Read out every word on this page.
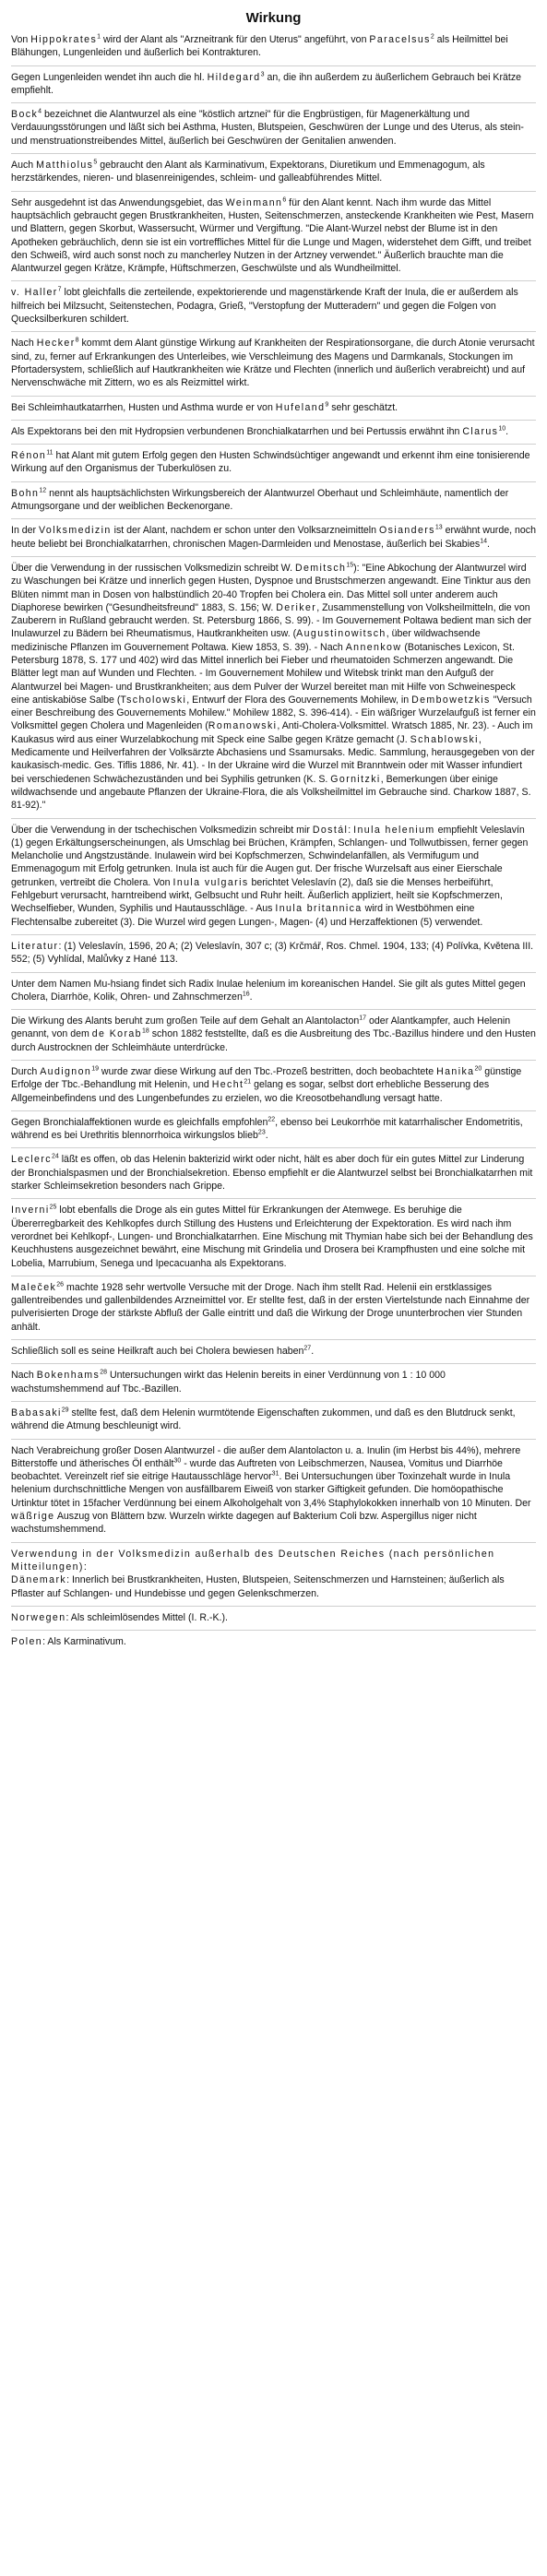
Wirkung

Von Hippokrates$^1$ wird der Alant als "Arzneitrank für den Uterus" angeführt, von Paracelsus$^2$ als Heilmittel bei Blähungen, Lungenleiden und äußerlich bei Kontrakturen.

Gegen Lungenleiden wendet ihn auch die hl. Hildegard$^3$ an, die ihn außerdem zu äußerlichem Gebrauch bei Krätze empfiehlt.

Bock$^4$ bezeichnet die Alantwurzel als eine "köstlich artznei" für die Engbrüstigen, für Magenerkältung und Verdauungsstörungen und läßt sich bei Asthma, Husten, Blutspeien, Geschwüren der Lunge und des Uterus, als stein- und menstruationstreibendes Mittel, äußerlich bei Geschwüren der Genitalien anwenden.

Auch Matthiolus$^5$ gebraucht den Alant als Karminativum, Expektorans, Diuretikum und Emmenagogum, als herzstärkendes, nieren- und blasenreinigendes, schleim- und galleabführendes Mittel.

Sehr ausgedehnt ist das Anwendungsgebiet, das Weinmann$^6$ für den Alant kennt. Nach ihm wurde das Mittel hauptsächlich gebraucht gegen Brustkrankheiten, Husten, Seitenschmerzen, ansteckende Krankheiten wie Pest, Masern und Blattern, gegen Skorbut, Wassersucht, Würmer und Vergiftung. "Die Alant-Wurzel nebst der Blume ist in den Apotheken gebräuchlich, denn sie ist ein vortreffliches Mittel für die Lunge und Magen, widerstehet dem Gifft, und treibet den Schweiß, wird auch sonst noch zu mancherley Nutzen in der Artzney verwendet." Äußerlich brauchte man die Alantwurzel gegen Krätze, Krämpfe, Hüftschmerzen, Geschwülste und als Wundheilmittel.

v. Haller$^7$ lobt gleichfalls die zerteilende, expektorierende und magenstärkende Kraft der Inula, die er außerdem als hilfreich bei Milzsucht, Seitenstechen, Podagra, Grieß, "Verstopfung der Mutteradern" und gegen die Folgen von Quecksilberkuren schildert.

Nach Hecker$^8$ kommt dem Alant günstige Wirkung auf Krankheiten der Respirationsorgane, die durch Atonie verursacht sind, zu, ferner auf Erkrankungen des Unterleibes, wie Verschleimung des Magens und Darmkanals, Stockungen im Pfortadersystem, schließlich auf Hautkrankheiten wie Krätze und Flechten (innerlich und äußerlich verabreicht) und auf Nervenschwäche mit Zittern, wo es als Reizmittel wirkt.

Bei Schleimhautkatarrhen, Husten und Asthma wurde er von Hufeland$^9$ sehr geschätzt.

Als Expektorans bei den mit Hydropsien verbundenen Bronchialkatarrhen und bei Pertussis erwähnt ihn Clarus$^{10}$.

Rénon$^{11}$ hat Alant mit gutem Erfolg gegen den Husten Schwindsüchtiger angewandt und erkennt ihm eine tonisierende Wirkung auf den Organismus der Tuberkulösen zu.

Bohn$^{12}$ nennt als hauptsächlichsten Wirkungsbereich der Alantwurzel Oberhaut und Schleimhäute, namentlich der Atmungsorgane und der weiblichen Beckenorgane.

In der Volksmedizin ist der Alant, nachdem er schon unter den Volksarzneimitteln Osianders$^{13}$ erwähnt wurde, noch heute beliebt bei Bronchialkatarrhen, chronischen Magen-Darmleiden und Menostase, äußerlich bei Skabies$^{14}$.

Über die Verwendung in der russischen Volksmedizin schreibt W. Demitsch$^{15}$): "Eine Abkochung der Alantwurzel wird zu Waschungen bei Krätze und innerlich gegen Husten, Dyspnoe und Brustschmerzen angewandt. Eine Tinktur aus den Blüten nimmt man in Dosen von halbstündlich 20-40 Tropfen bei Cholera ein. Das Mittel soll unter anderem auch Diaphorese bewirken ("Gesundheitsfreund" 1883, S. 156; W. Deriker, Zusammenstellung von Volksheilmitteln, die von Zauberern in Rußland gebraucht werden. St. Petersburg 1866, S. 99). - Im Gouvernement Poltawa bedient man sich der Inulawurzel zu Bädern bei Rheumatismus, Hautkrankheiten usw. (Augustinowitsch, über wildwachsende medizinische Pflanzen im Gouvernement Poltawa. Kiew 1853, S. 39). - Nach Annenkow (Botanisches Lexicon, St. Petersburg 1878, S. 177 und 402) wird das Mittel innerlich bei Fieber und rheumatoiden Schmerzen angewandt. Die Blätter legt man auf Wunden und Flechten. - Im Gouvernement Mohilew und Witebsk trinkt man den Aufguß der Alantwurzel bei Magen- und Brustkrankheiten; aus dem Pulver der Wurzel bereitet man mit Hilfe von Schweinespeck eine antiskabiöse Salbe (Tscholowski, Entwurf der Flora des Gouvernements Mohilew, in Dembowetzkis "Versuch einer Beschreibung des Gouvernements Mohilew." Mohilew 1882, S. 396-414). - Ein wäßriger Wurzelaufguß ist ferner ein Volksmittel gegen Cholera und Magenleiden (Romanowski, Anti-Cholera-Volksmittel. Wratsch 1885, Nr. 23). - Auch im Kaukasus wird aus einer Wurzelabkochung mit Speck eine Salbe gegen Krätze gemacht (J. Schablowski, Medicamente und Heilverfahren der Volksärzte Abchasiens und Ssamursaks. Medic. Sammlung, herausgegeben von der kaukasisch-medic. Ges. Tiflis 1886, Nr. 41). - In der Ukraine wird die Wurzel mit Branntwein oder mit Wasser infundiert bei verschiedenen Schwächezuständen und bei Syphilis getrunken (K. S. Gornitzki, Bemerkungen über einige wildwachsende und angebaute Pflanzen der Ukraine-Flora, die als Volksheilmittel im Gebrauche sind. Charkow 1887, S. 81-92)."

Über die Verwendung in der tschechischen Volksmedizin schreibt mir Dostál: Inula helenium empfiehlt Veleslavín (1) gegen Erkältungserscheinungen, als Umschlag bei Brüchen, Krämpfen, Schlangen- und Tollwutbissen, ferner gegen Melancholie und Angstzustände. Inulawein wird bei Kopfschmerzen, Schwindelanfällen, als Vermifugum und Emmenagogum mit Erfolg getrunken. Inula ist auch für die Augen gut. Der frische Wurzelsaft aus einer Eierschale getrunken, vertreibt die Cholera. Von Inula vulgaris berichtet Veleslavín (2), daß sie die Menses herbeiführt, Fehlgeburt verursacht, harntreibend wirkt, Gelbsucht und Ruhr heilt. Äußerlich appliziert, heilt sie Kopfschmerzen, Wechselfieber, Wunden, Syphilis und Hautausschläge. - Aus Inula britannica wird in Westböhmen eine Flechtensalbe zubereitet (3). Die Wurzel wird gegen Lungen-, Magen- (4) und Herzaffektionen (5) verwendet.

Literatur: (1) Veleslavín, 1596, 20 A; (2) Veleslavín, 307 c; (3) Krčmář, Ros. Chmel. 1904, 133; (4) Polívka, Květena III. 552; (5) Vyhlídal, Malůvky z Hané 113.

Unter dem Namen Mu-hsiang findet sich Radix Inulae helenium im koreanischen Handel. Sie gilt als gutes Mittel gegen Cholera, Diarrhöe, Kolik, Ohren- und Zahnschmerzen$^{16}$.

Die Wirkung des Alants beruht zum großen Teile auf dem Gehalt an Alantolacton$^{17}$ oder Alantkampfer, auch Helenin genannt, von dem de Korab$^{18}$ schon 1882 feststellte, daß es die Ausbreitung des Tbc.-Bazillus hindere und den Husten durch Austrocknen der Schleimhäute unterdrücke.

Durch Audignon$^{19}$ wurde zwar diese Wirkung auf den Tbc.-Prozeß bestritten, doch beobachtete Hanika$^{20}$ günstige Erfolge der Tbc.-Behandlung mit Helenin, und Hecht$^{21}$ gelang es sogar, selbst dort erhebliche Besserung des Allgemeinbefindens und des Lungenbefundes zu erzielen, wo die Kreosotbehandlung versagt hatte.

Gegen Bronchialaffektionen wurde es gleichfalls empfohlen$^{22}$, ebenso bei Leukorrhöe mit katarrhalischer Endometritis, während es bei Urethritis blennorrhoica wirkungslos blieb$^{23}$.

Leclerc$^{24}$ läßt es offen, ob das Helenin bakterizid wirkt oder nicht, hält es aber doch für ein gutes Mittel zur Linderung der Bronchialspasmen und der Bronchialsekretion. Ebenso empfiehlt er die Alantwurzel selbst bei Bronchialkatarrhen mit starker Schleimsekretion besonders nach Grippe.

Inverni$^{25}$ lobt ebenfalls die Droge als ein gutes Mittel für Erkrankungen der Atemwege. Es beruhige die Übererregbarkeit des Kehlkopfes durch Stillung des Hustens und Erleichterung der Expektoration. Es wird nach ihm verordnet bei Kehlkopf-, Lungen- und Bronchialkatarrhen. Eine Mischung mit Thymian habe sich bei der Behandlung des Keuchhustens ausgezeichnet bewährt, eine Mischung mit Grindelia und Drosera bei Krampfhusten und eine solche mit Lobelia, Marrubium, Senega und Ipecacuanha als Expektorans.

Maleček$^{26}$ machte 1928 sehr wertvolle Versuche mit der Droge. Nach ihm stellt Rad. Helenii ein erstklassiges gallentreibendes und gallenbildendes Arzneimittel vor. Er stellte fest, daß in der ersten Viertelstunde nach Einnahme der pulverisierten Droge der stärkste Abfluß der Galle eintritt und daß die Wirkung der Droge ununterbrochen vier Stunden anhält.

Schließlich soll es seine Heilkraft auch bei Cholera bewiesen haben$^{27}$.

Nach Bokenhams$^{28}$ Untersuchungen wirkt das Helenin bereits in einer Verdünnung von 1 : 10 000 wachstumshemmend auf Tbc.-Bazillen.

Babasaki$^{29}$ stellte fest, daß dem Helenin wurmtötende Eigenschaften zukommen, und daß es den Blutdruck senkt, während die Atmung beschleunigt wird.

Nach Verabreichung großer Dosen Alantwurzel - die außer dem Alantolacton u. a. Inulin (im Herbst bis 44%), mehrere Bitterstoffe und ätherisches Öl enthält$^{30}$ - wurde das Auftreten von Leibschmerzen, Nausea, Vomitus und Diarrhöe beobachtet. Vereinzelt rief sie eitrige Hautausschläge hervor$^{31}$. Bei Untersuchungen über Toxinzehalt wurde in Inula helenium durchschnittliche Mengen von ausfällbarem Eiweiß von starker Giftigkeit gefunden. Die homöopathische Urtinktur tötet in 15facher Verdünnung bei einem Alkoholgehalt von 3,4% Staphylokokken innerhalb von 10 Minuten. Der wäßrige Auszug von Blättern bzw. Wurzeln wirkte dagegen auf Bakterium Coli bzw. Aspergillus niger nicht wachstumshemmend.

Verwendung in der Volksmedizin außerhalb des Deutschen Reiches (nach persönlichen Mitteilungen):
Dänemark: Innerlich bei Brustkrankheiten, Husten, Blutspeien, Seitenschmerzen und Harnsteinen; äußerlich als Pflaster auf Schlangen- und Hundebisse und gegen Gelenkschmerzen.

Norwegen: Als schleimlösendes Mittel (I. R.-K.).

Polen: Als Karminativum.
